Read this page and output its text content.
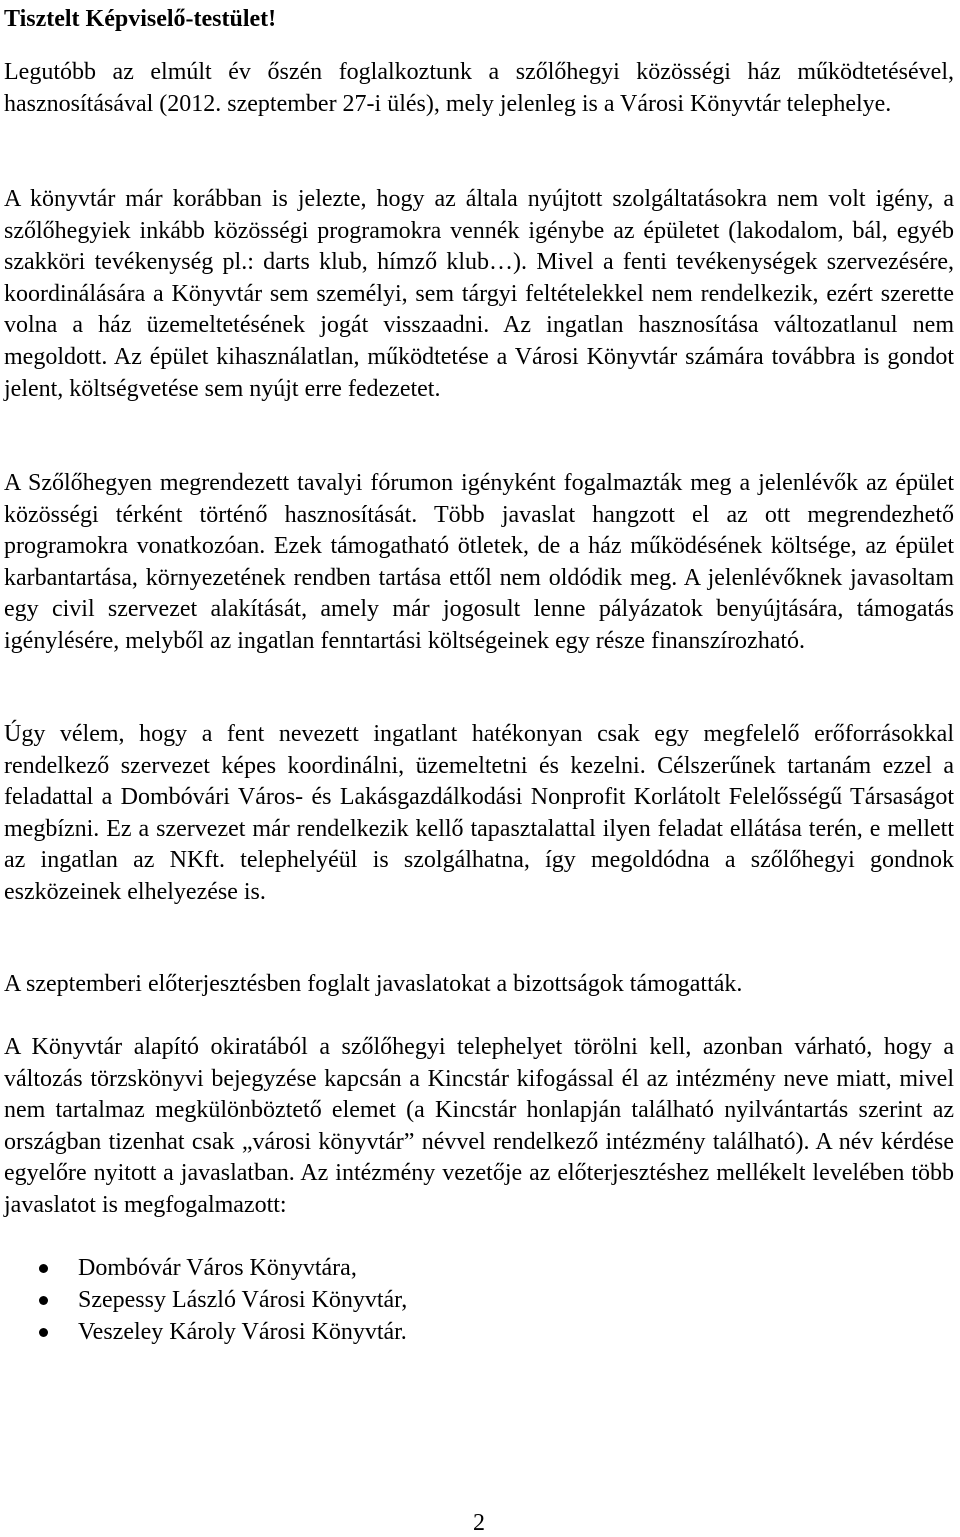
Tisztelt Képviselő-testület!

Legutóbb az elmúlt év őszén foglalkoztunk a szőlőhegyi közösségi ház működtetésével, hasznosításával (2012. szeptember 27-i ülés), mely jelenleg is a Városi Könyvtár telephelye.

A könyvtár már korábban is jelezte, hogy az általa nyújtott szolgáltatásokra nem volt igény, a szőlőhegyiek inkább közösségi programokra vennék igénybe az épületet (lakodalom, bál, egyéb szakköri tevékenység pl.: darts klub, hímző klub…). Mivel a fenti tevékenységek szervezésére, koordinálására a Könyvtár sem személyi, sem tárgyi feltételekkel nem rendelkezik, ezért szerette volna a ház üzemeltetésének jogát visszaadni. Az ingatlan hasznosítása változatlanul nem megoldott. Az épület kihasználatlan, működtetése a Városi Könyvtár számára továbbra is gondot jelent, költségvetése sem nyújt erre fedezetet.

A Szőlőhegyen megrendezett tavalyi fórumon igényként fogalmazták meg a jelenlévők az épület közösségi térként történő hasznosítását. Több javaslat hangzott el az ott megrendezhető programokra vonatkozóan. Ezek támogatható ötletek, de a ház működésének költsége, az épület karbantartása, környezetének rendben tartása ettől nem oldódik meg. A jelenlévőknek javasoltam egy civil szervezet alakítását, amely már jogosult lenne pályázatok benyújtására, támogatás igénylésére, melyből az ingatlan fenntartási költségeinek egy része finanszírozható.

Úgy vélem, hogy a fent nevezett ingatlant hatékonyan csak egy megfelelő erőforrásokkal rendelkező szervezet képes koordinálni, üzemeltetni és kezelni. Célszerűnek tartanám ezzel a feladattal a Dombóvári Város- és Lakásgazdálkodási Nonprofit Korlátolt Felelősségű Társaságot megbízni. Ez a szervezet már rendelkezik kellő tapasztalattal ilyen feladat ellátása terén, e mellett az ingatlan az NKft. telephelyéül is szolgálhatna, így megoldódna a szőlőhegyi gondnok eszközeinek elhelyezése is.

A szeptemberi előterjesztésben foglalt javaslatokat a bizottságok támogatták.

A Könyvtár alapító okiratából a szőlőhegyi telephelyet törölni kell, azonban várható, hogy a változás törzskönyvi bejegyzése kapcsán a Kincstár kifogással él az intézmény neve miatt, mivel nem tartalmaz megkülönböztető elemet (a Kincstár honlapján található nyilvántartás szerint az országban tizenhat csak „városi könyvtár” névvel rendelkező intézmény található). A név kérdése egyelőre nyitott a javaslatban. Az intézmény vezetője az előterjesztéshez mellékelt levelében több javaslatot is megfogalmazott:

Dombóvár Város Könyvtára,
Szepessy László Városi Könyvtár,
Veszeley Károly Városi Könyvtár.
2
